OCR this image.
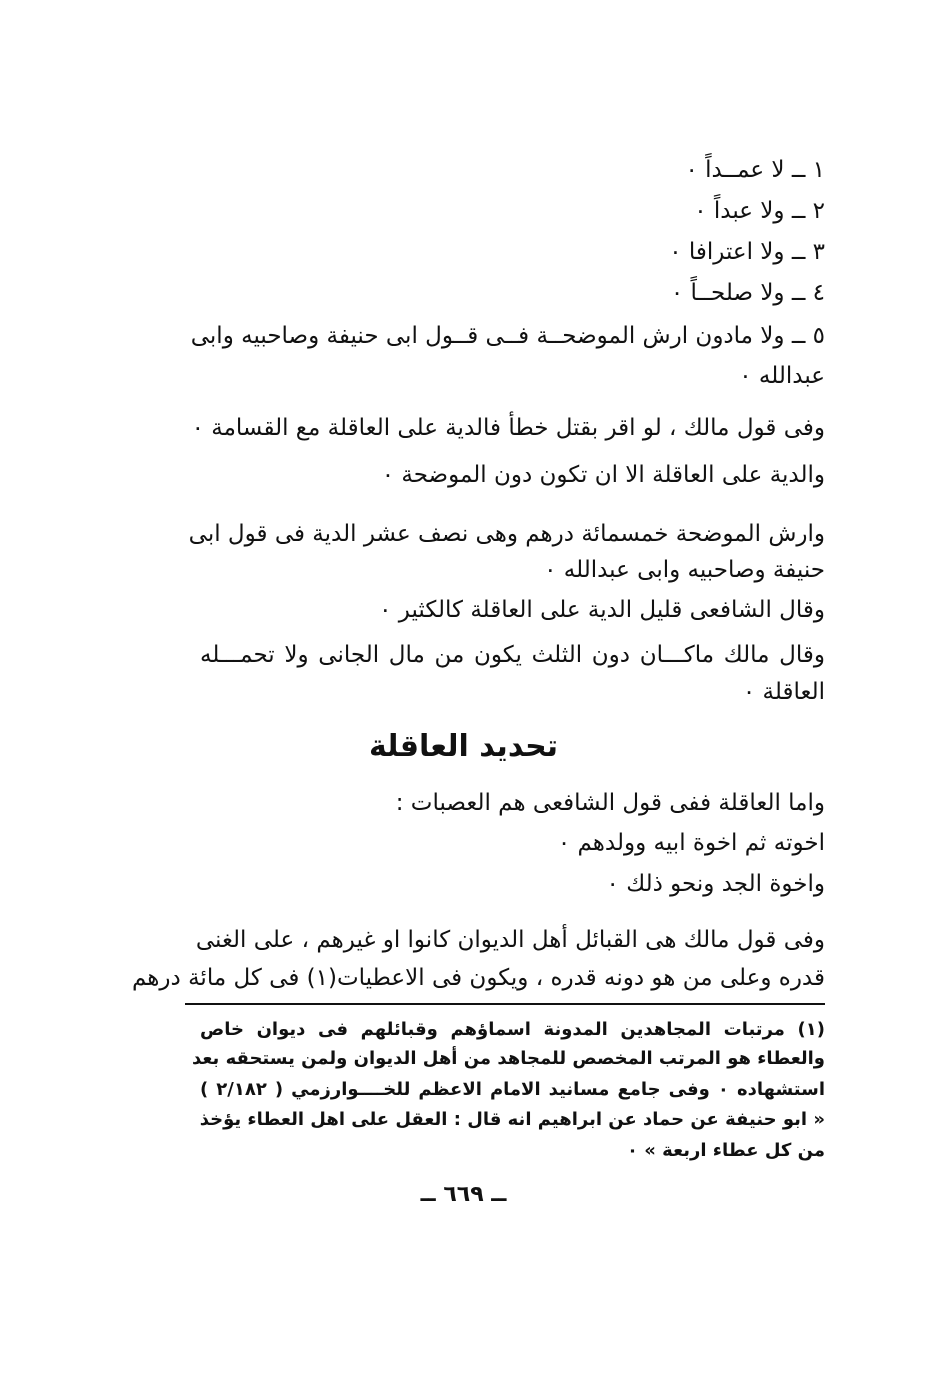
١ ــ لا عمــداً ٠
٢ ــ ولا عبداً ٠
٣ ــ ولا اعترافا ٠
٤ ــ ولا صلحــاً ٠
٥ ــ ولا مادون ارش الموضحــة فــى قــول ابى حنيفة وصاحبيه وابى
عبدالله ٠
وفى قول مالك ، لو اقر بقتل خطأ فالدية على العاقلة مع القسامة ٠
والدية على العاقلة الا ان تكون دون الموضحة ٠
وارش الموضحة خمسمائة درهم وهى نصف عشر الدية فى قول ابى
حنيفة وصاحبيه وابى عبدالله ٠
وقال الشافعى قليل الدية على العاقلة كالكثير ٠
وقال مالك ماكـــان دون الثلث يكون من مال الجانى ولا تحمـــله
العاقلة ٠
تحديد العاقلة
واما العاقلة ففى قول الشافعى هم العصبات :
اخوته ثم اخوة ابيه وولدهم ٠
واخوة الجد ونحو ذلك ٠
وفى قول مالك هى القبائل أهل الديوان كانوا او غيرهم ، على الغنى
قدره وعلى من هو دونه قدره ، ويكون فى الاعطيات(١) فى كل مائة درهم
(١) مرتبات المجاهدين المدونة اسماؤهم وقبائلهم فى ديوان خاص
والعطاء هو المرتب المخصص للمجاهد من أهل الديوان ولمن يستحقه بعد
استشهاده ٠ وفى جامع مسانيد الامام الاعظم للخــــوارزمي ( ٢/١٨٢ )
« ابو حنيفة عن حماد عن ابراهيم انه قال : العقل على اهل العطاء يؤخذ
من كل عطاء اربعة » ٠
ــ ٦٦٩ ــ
